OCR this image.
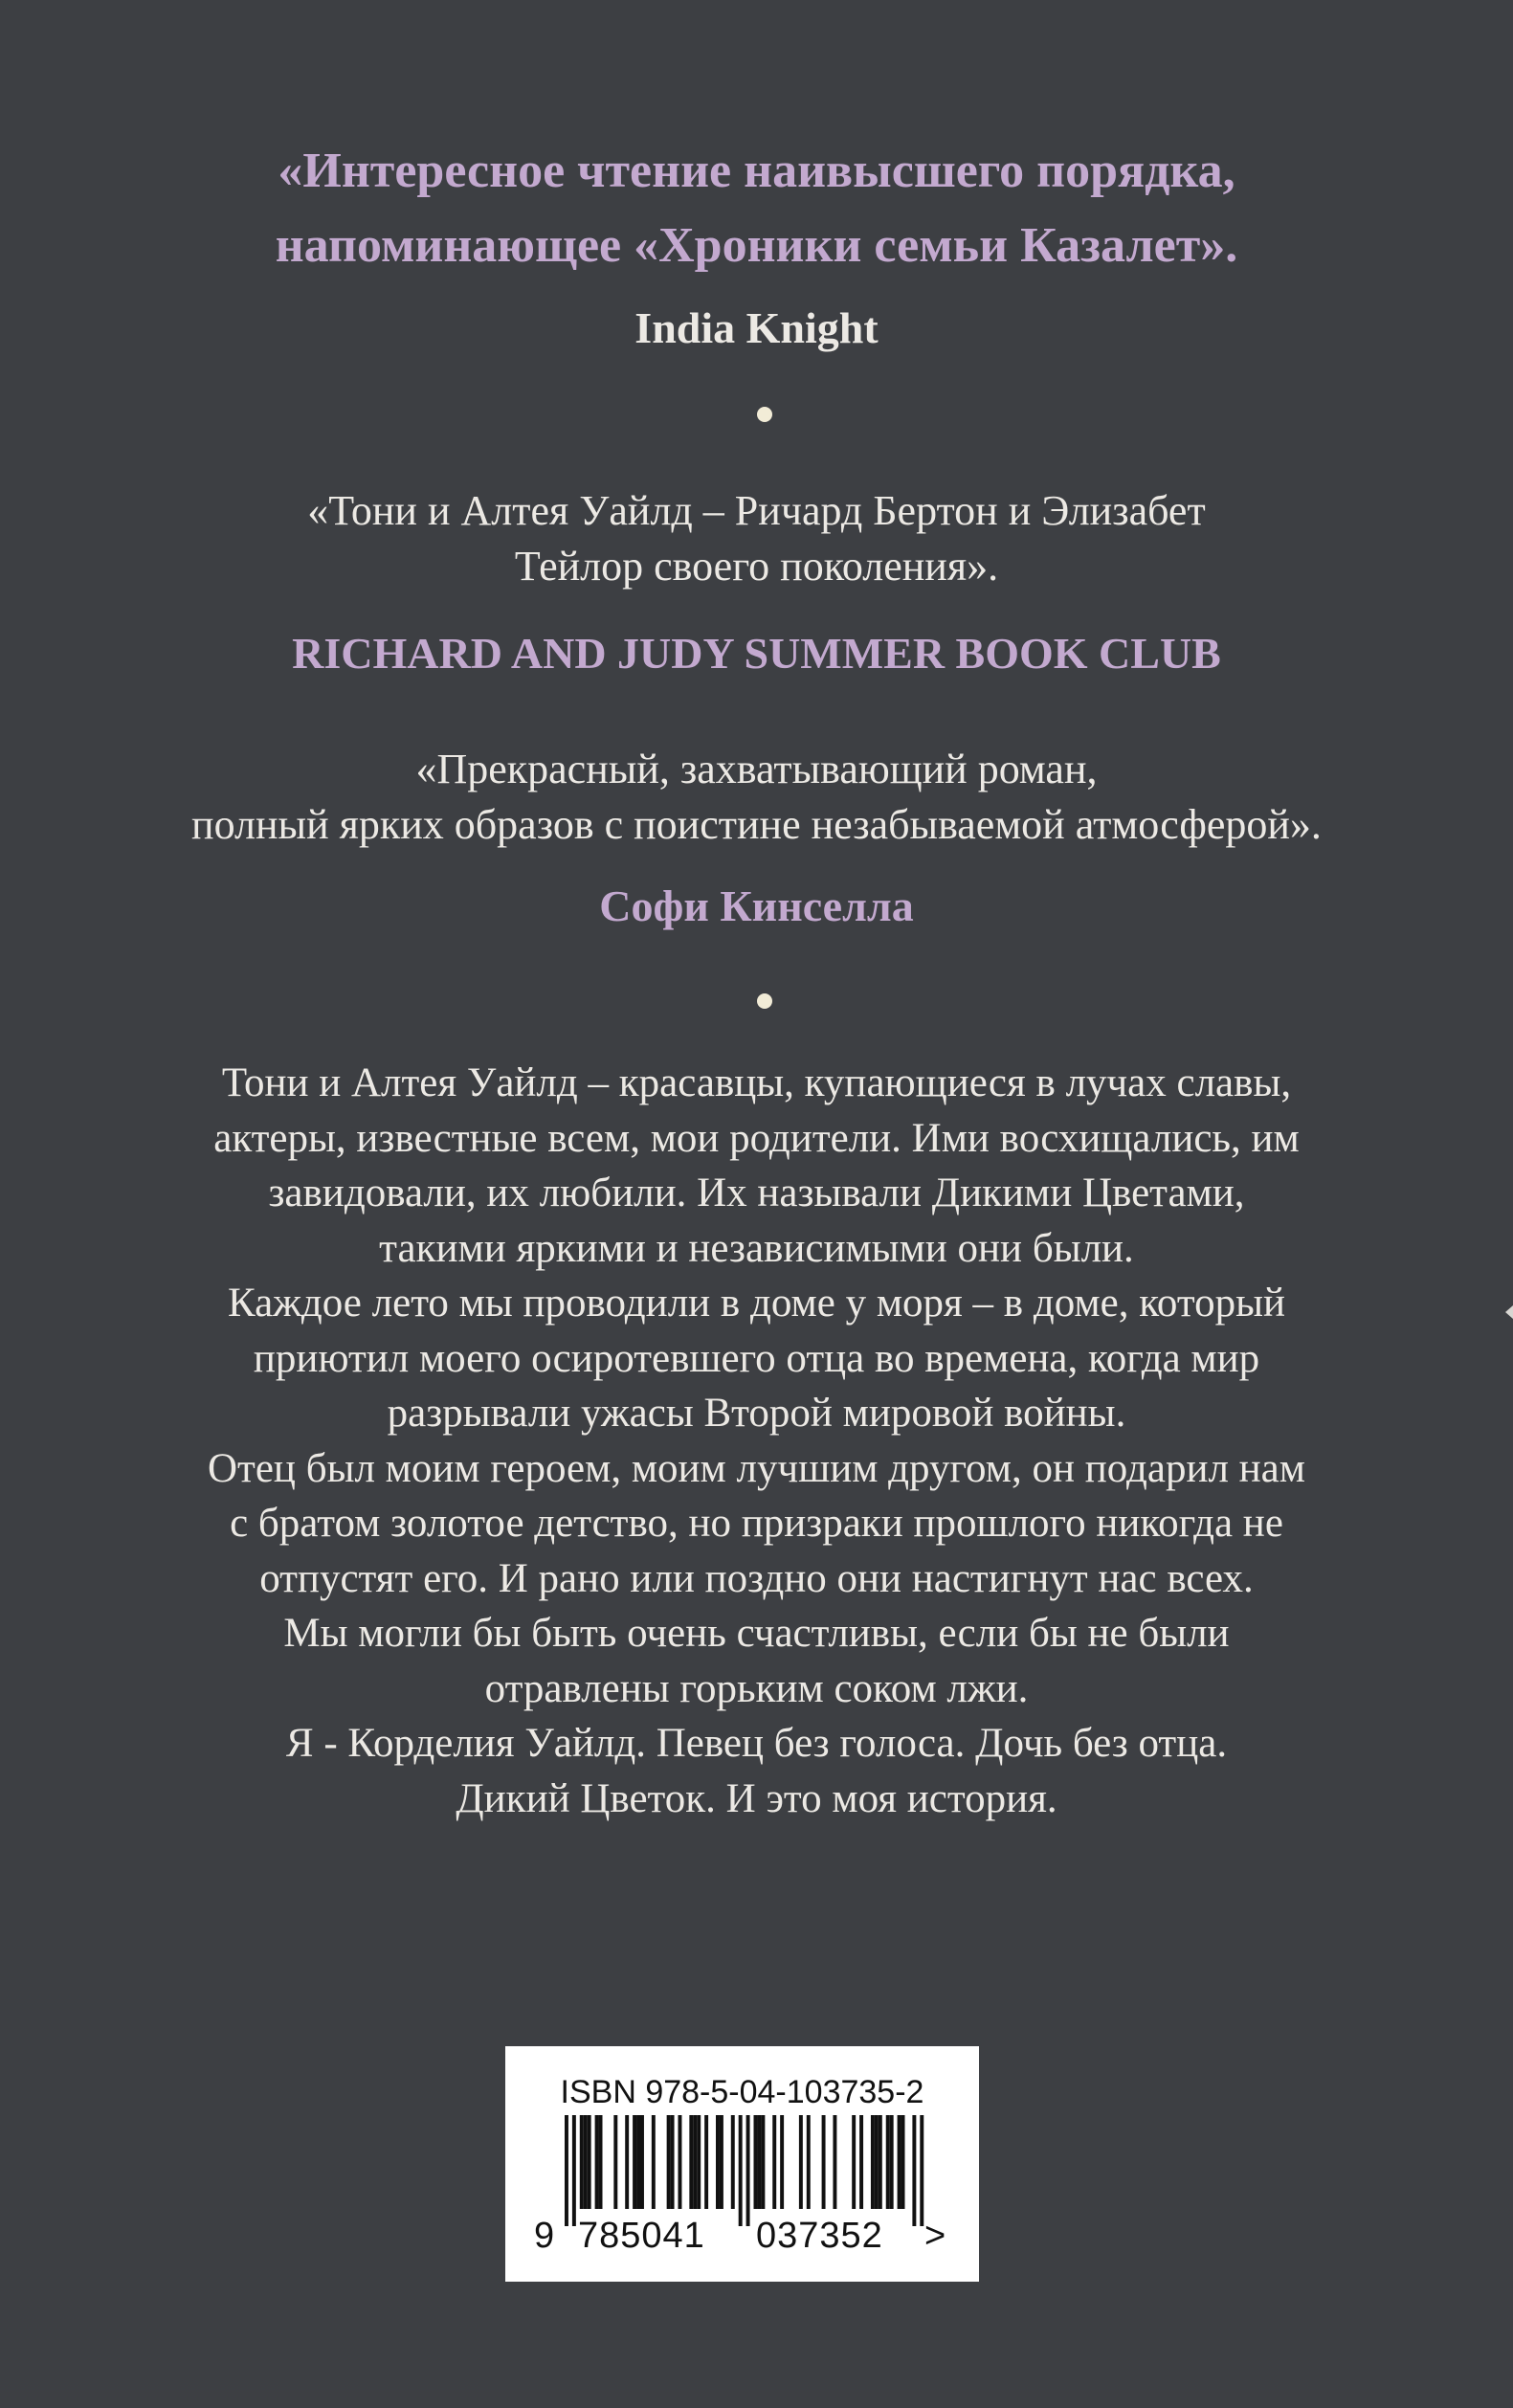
«Интересное чтение наивысшего порядка,
напоминающее «Хроники семьи Казалет».
India Knight
«Тони и Алтея Уайлд – Ричард Бертон и Элизабет
Тейлор своего поколения».
RICHARD AND JUDY SUMMER BOOK CLUB
«Прекрасный, захватывающий роман,
полный ярких образов с поистине незабываемой атмосферой».
Софи Кинселла
Тони и Алтея Уайлд – красавцы, купающиеся в лучах славы,
актеры, известные всем, мои родители. Ими восхищались, им
завидовали, их любили. Их называли Дикими Цветами,
такими яркими и независимыми они были.
Каждое лето мы проводили в доме у моря – в доме, который
приютил моего осиротевшего отца во времена, когда мир
разрывали ужасы Второй мировой войны.
Отец был моим героем, моим лучшим другом, он подарил нам
с братом золотое детство, но призраки прошлого никогда не
отпустят его. И рано или поздно они настигнут нас всех.
Мы могли бы быть очень счастливы, если бы не были
отравлены горьким соком лжи.
Я - Корделия Уайлд. Певец без голоса. Дочь без отца.
Дикий Цветок. И это моя история.
ISBN 978-5-04-103735-2
9 785041 037352 >
